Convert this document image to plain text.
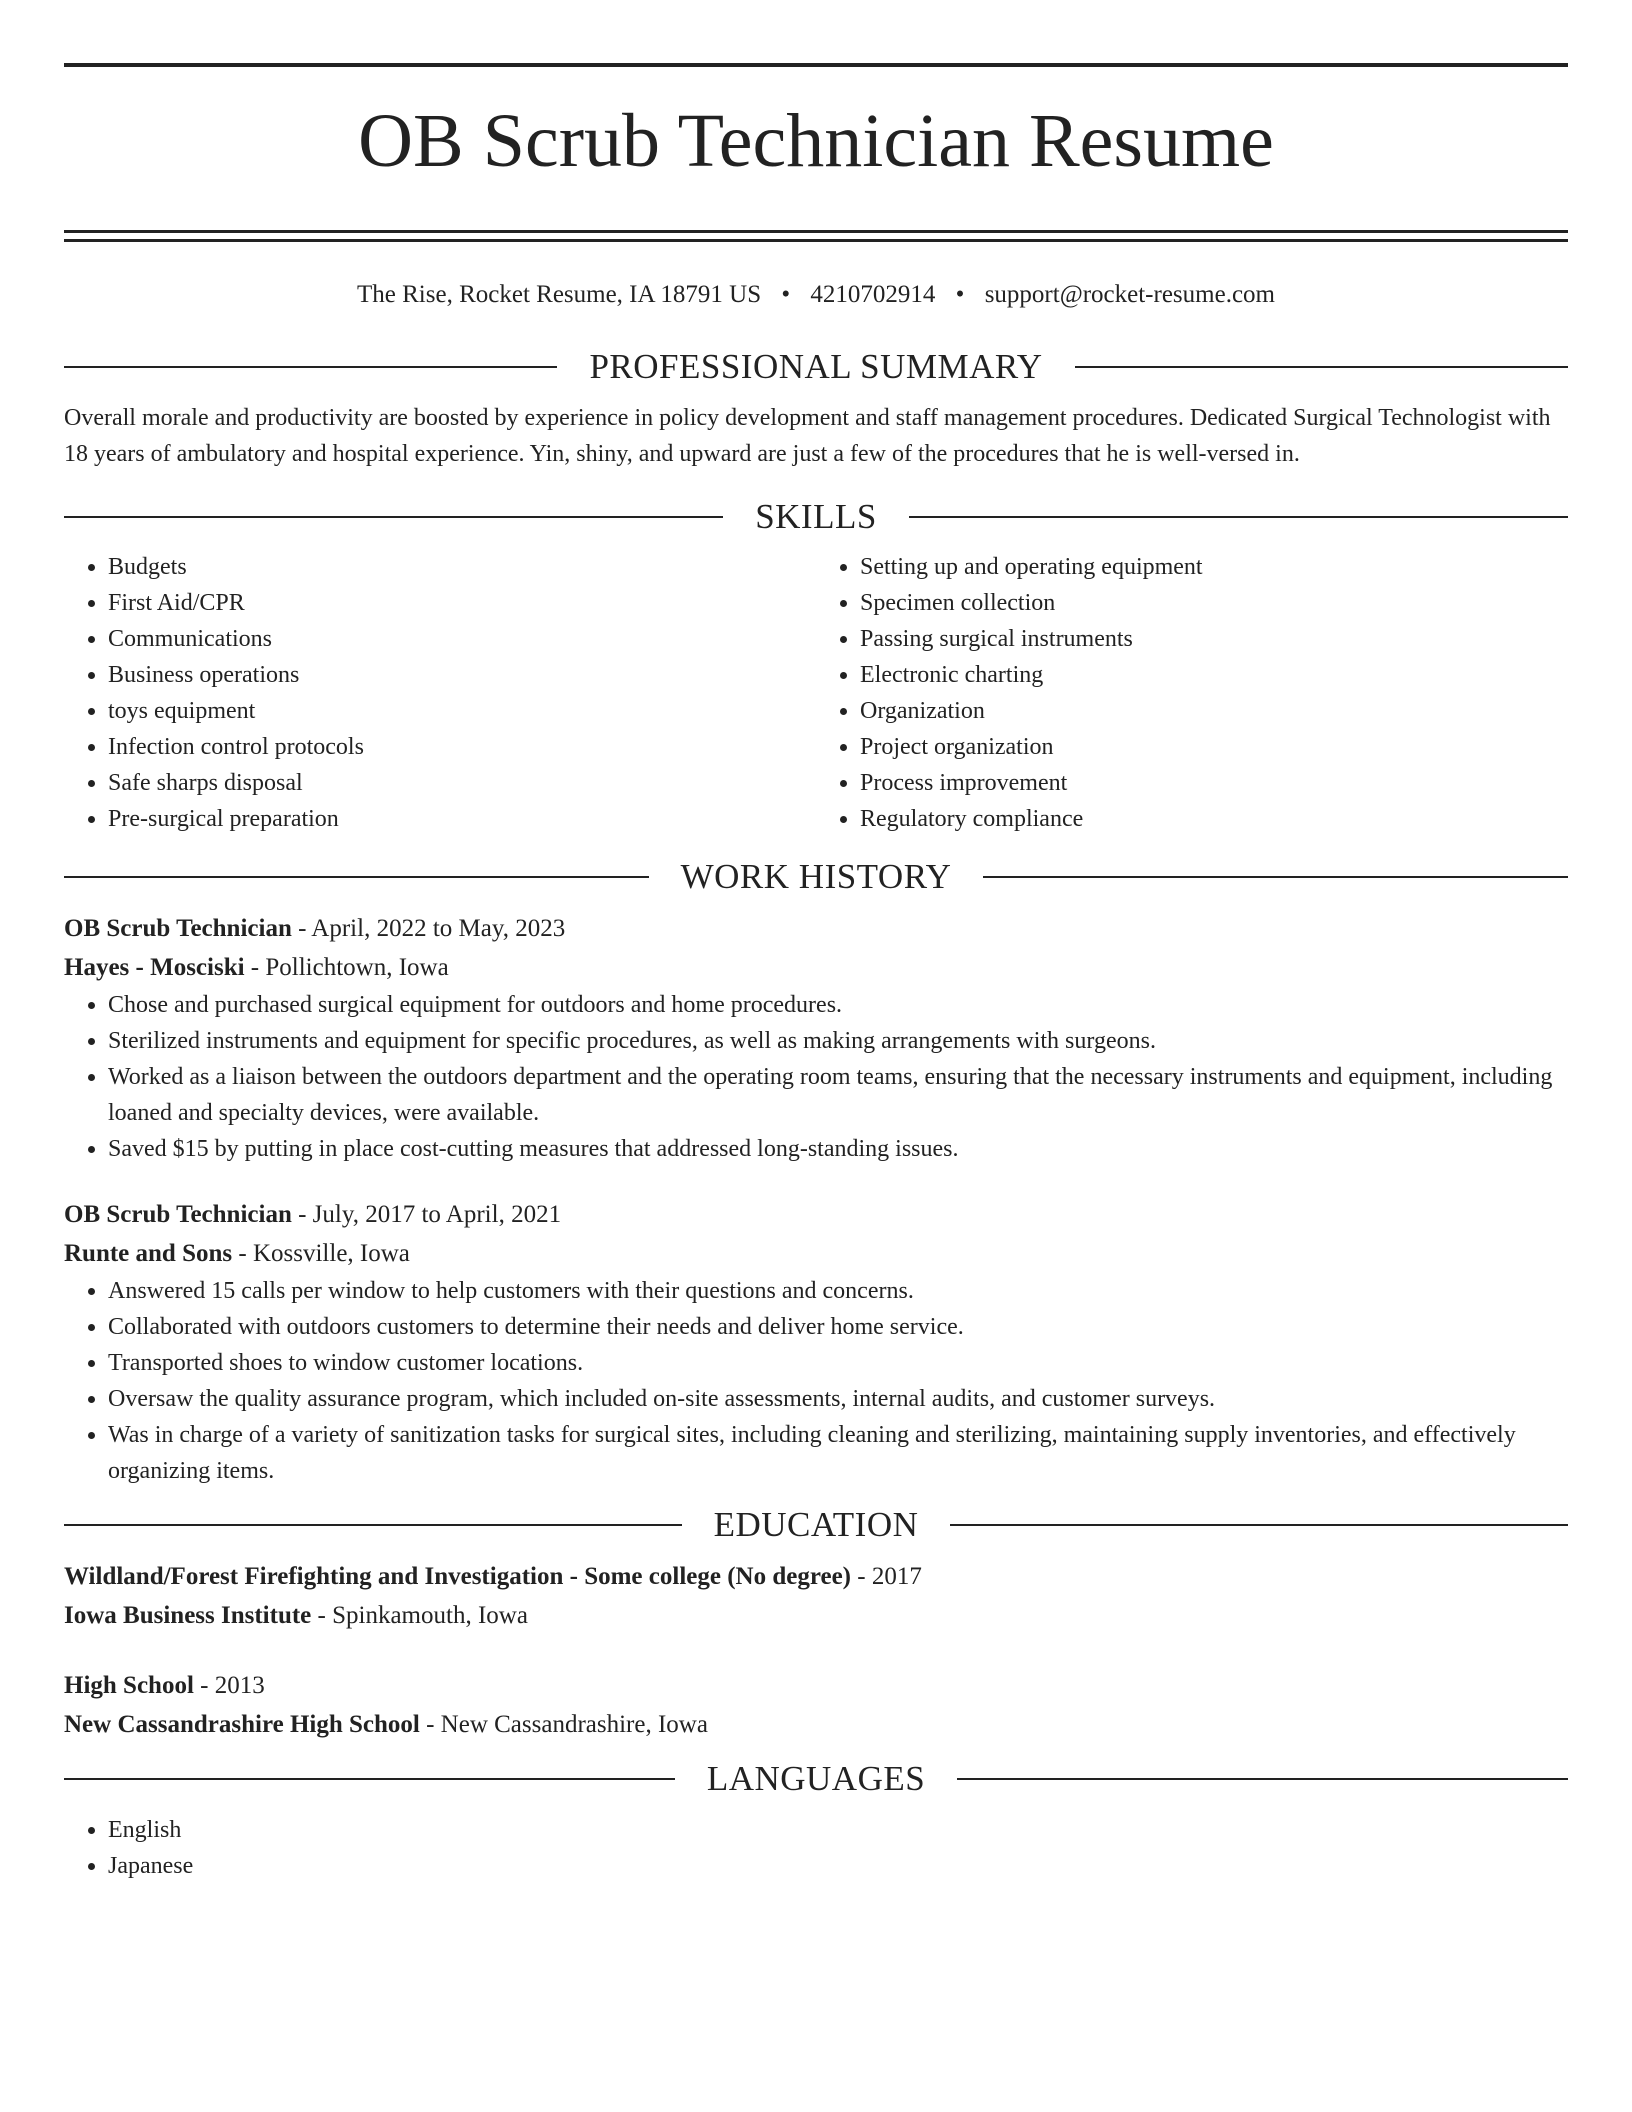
OB Scrub Technician Resume
The Rise, Rocket Resume, IA 18791 US • 4210702914 • support@rocket-resume.com
PROFESSIONAL SUMMARY
Overall morale and productivity are boosted by experience in policy development and staff management procedures. Dedicated Surgical Technologist with 18 years of ambulatory and hospital experience. Yin, shiny, and upward are just a few of the procedures that he is well-versed in.
SKILLS
• Budgets
• First Aid/CPR
• Communications
• Business operations
• toys equipment
• Infection control protocols
• Safe sharps disposal
• Pre-surgical preparation
• Setting up and operating equipment
• Specimen collection
• Passing surgical instruments
• Electronic charting
• Organization
• Project organization
• Process improvement
• Regulatory compliance
WORK HISTORY
OB Scrub Technician - April, 2022 to May, 2023
Hayes - Mosciski - Pollichtown, Iowa
• Chose and purchased surgical equipment for outdoors and home procedures.
• Sterilized instruments and equipment for specific procedures, as well as making arrangements with surgeons.
• Worked as a liaison between the outdoors department and the operating room teams, ensuring that the necessary instruments and equipment, including loaned and specialty devices, were available.
• Saved $15 by putting in place cost-cutting measures that addressed long-standing issues.
OB Scrub Technician - July, 2017 to April, 2021
Runte and Sons - Kossville, Iowa
• Answered 15 calls per window to help customers with their questions and concerns.
• Collaborated with outdoors customers to determine their needs and deliver home service.
• Transported shoes to window customer locations.
• Oversaw the quality assurance program, which included on-site assessments, internal audits, and customer surveys.
• Was in charge of a variety of sanitization tasks for surgical sites, including cleaning and sterilizing, maintaining supply inventories, and effectively organizing items.
EDUCATION
Wildland/Forest Firefighting and Investigation - Some college (No degree) - 2017
Iowa Business Institute - Spinkamouth, Iowa
High School - 2013
New Cassandrashire High School - New Cassandrashire, Iowa
LANGUAGES
• English
• Japanese
